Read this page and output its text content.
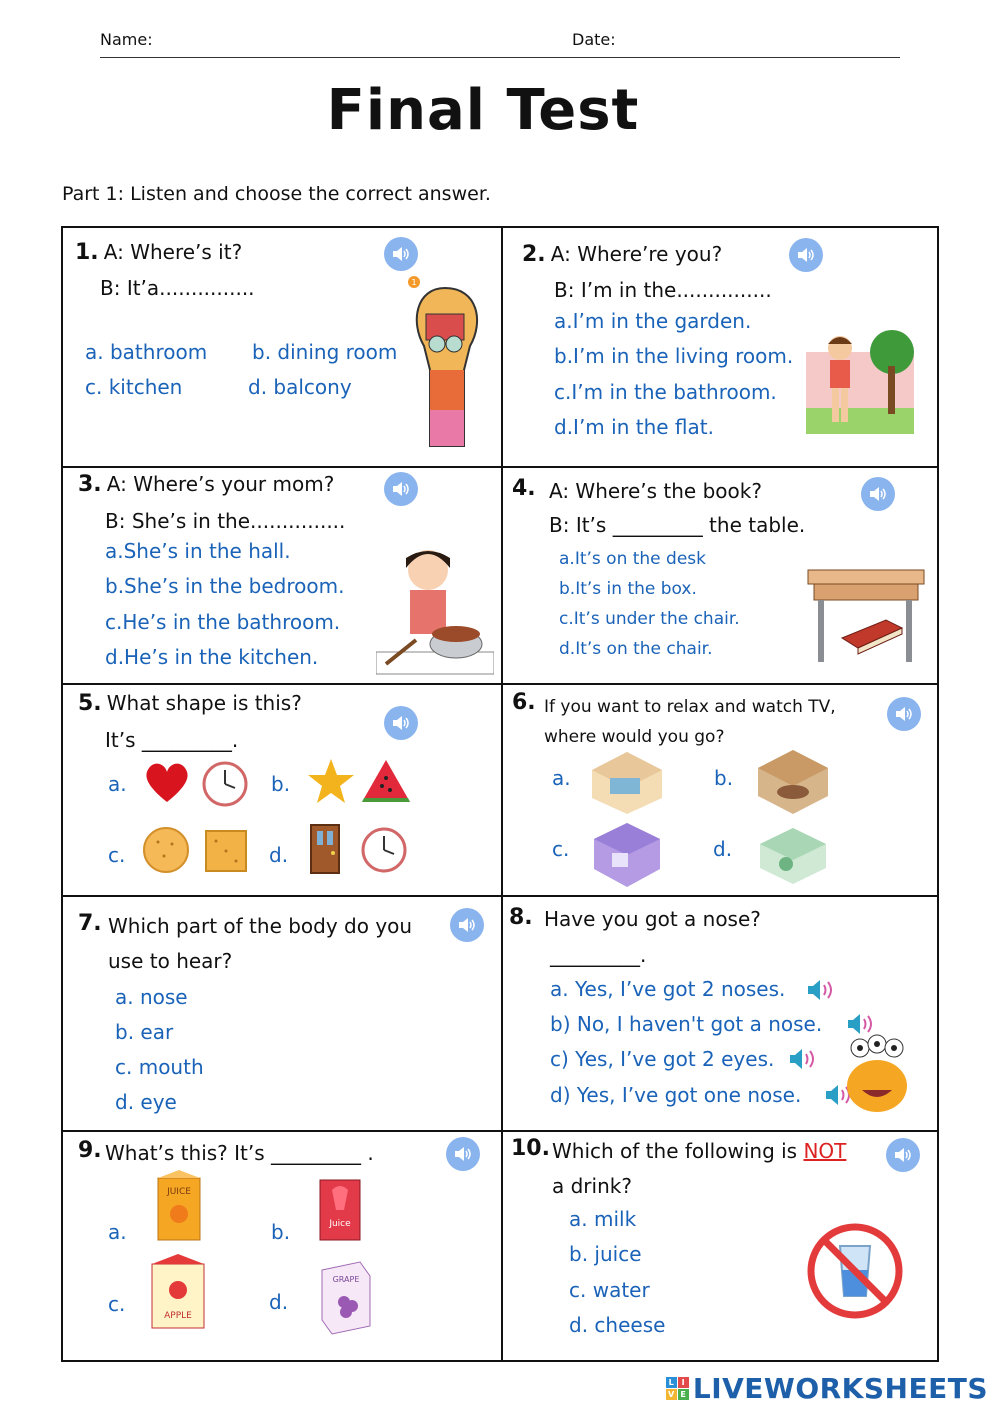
Name:	Date:
Final Test
Part 1: Listen and choose the correct answer.
1. A: Where’s it?
B: It’a...............
a. bathroom b. dining room
c. kitchen	d. balcony
1
2. A: Where’re you?
B: I’m in the...............
a.I’m in the garden.
b.I’m in the living room.
c.I’m in the bathroom.
d.I’m in the flat.
3. A: Where’s your mom?
B: She’s in the...............
a.She’s in the hall.
b.She’s in the bedroom.
c.He’s in the bathroom.
d.He’s in the kitchen.
4. A: Where’s the book?
B: It’s _________ the table.
a.It’s on the desk
b.It’s in the box.
c.It’s under the chair.
d.It’s on the chair.
5. What shape is this?
It’s _________.
a.	b.
c.	d.
6. If you want to relax and watch TV,
where would you go?
a.	b.
c.	d.
7. Which part of the body do you
use to hear?
a. nose
b. ear
c. mouth
d. eye
8. Have you got a nose?
_________.
a. Yes, I’ve got 2 noses.
b) No, I haven't got a nose.
c) Yes, I’ve got 2 eyes.
d) Yes, I’ve got one nose.
9. What’s this? It’s _________ .
a.
JUICE
b.	Juice
c.	APPLE
d.
GRAPE
10. Which of the following is NOT
a drink?
a. milk
b. juice
c. water
d. cheese
L I
V E LIVEWORKSHEETS
